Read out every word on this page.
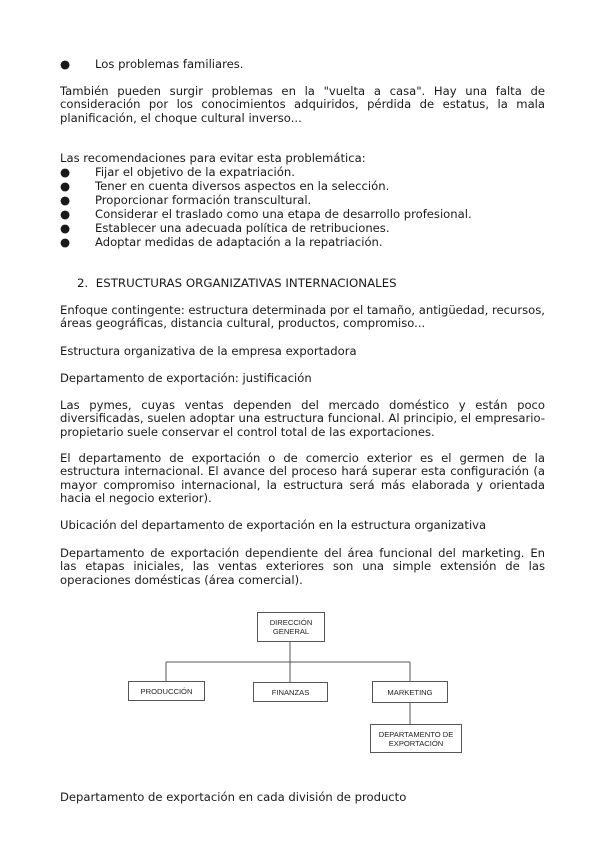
● Los problemas familiares.

También pueden surgir problemas en la "vuelta a casa". Hay una falta de consideración por los conocimientos adquiridos, pérdida de estatus, la mala planificación, el choque cultural inverso...

Las recomendaciones para evitar esta problemática:

● Fijar el objetivo de la expatriación.
● Tener en cuenta diversos aspectos en la selección.
● Proporcionar formación transcultural.
● Considerar el traslado como una etapa de desarrollo profesional.
● Establecer una adecuada política de retribuciones.
● Adoptar medidas de adaptación a la repatriación.
2. ESTRUCTURAS ORGANIZATIVAS INTERNACIONALES

Enfoque contingente: estructura determinada por el tamaño, antigüedad, recursos, áreas geográficas, distancia cultural, productos, compromiso...

Estructura organizativa de la empresa exportadora

Departamento de exportación: justificación

Las pymes, cuyas ventas dependen del mercado doméstico y están poco diversificadas, suelen adoptar una estructura funcional. Al principio, el empresario-propietario suele conservar el control total de las exportaciones.

El departamento de exportación o de comercio exterior es el germen de la estructura internacional. El avance del proceso hará superar esta configuración (a mayor compromiso internacional, la estructura será más elaborada y orientada hacia el negocio exterior).

Ubicación del departamento de exportación en la estructura organizativa

Departamento de exportación dependiente del área funcional del marketing. En las etapas iniciales, las ventas exteriores son una simple extensión de las operaciones domésticas (área comercial).

DIRECCIÓN GENERAL
PRODUCCIÓN	FINANZAS	MARKETING
DEPARTAMENTO DE EXPORTACIÓN

Departamento de exportación en cada división de producto
